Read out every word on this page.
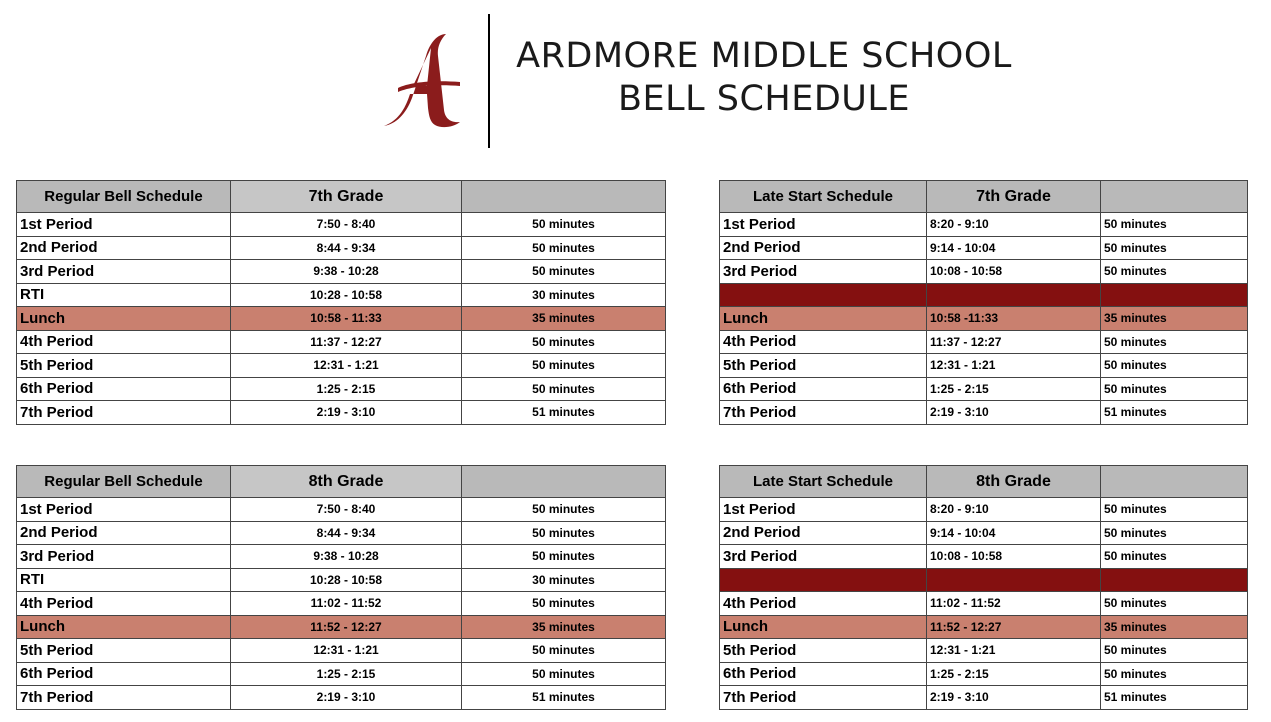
ARDMORE MIDDLE SCHOOL
BELL SCHEDULE
Regular Bell Schedule	7th Grade	
1st Period	7:50 - 8:40	50 minutes
2nd Period	8:44 - 9:34	50 minutes
3rd Period	9:38 - 10:28	50 minutes
RTI	10:28 - 10:58	30 minutes
Lunch	10:58 - 11:33	35 minutes
4th Period	11:37 - 12:27	50 minutes
5th Period	12:31 - 1:21	50 minutes
6th Period	1:25 - 2:15	50 minutes
7th Period	2:19 - 3:10	51 minutes
Late Start Schedule	7th Grade	
1st Period	8:20 - 9:10	50 minutes
2nd Period	9:14 - 10:04	50 minutes
3rd Period	10:08 - 10:58	50 minutes

Lunch	10:58 -11:33	35 minutes
4th Period	11:37 - 12:27	50 minutes
5th Period	12:31 - 1:21	50 minutes
6th Period	1:25 - 2:15	50 minutes
7th Period	2:19 - 3:10	51 minutes
Regular Bell Schedule	8th Grade	
1st Period	7:50 - 8:40	50 minutes
2nd Period	8:44 - 9:34	50 minutes
3rd Period	9:38 - 10:28	50 minutes
RTI	10:28 - 10:58	30 minutes
4th Period	11:02 - 11:52	50 minutes
Lunch	11:52 - 12:27	35 minutes
5th Period	12:31 - 1:21	50 minutes
6th Period	1:25 - 2:15	50 minutes
7th Period	2:19 - 3:10	51 minutes
Late Start Schedule	8th Grade	
1st Period	8:20 - 9:10	50 minutes
2nd Period	9:14 - 10:04	50 minutes
3rd Period	10:08 - 10:58	50 minutes

4th Period	11:02 - 11:52	50 minutes
Lunch	11:52 - 12:27	35 minutes
5th Period	12:31 - 1:21	50 minutes
6th Period	1:25 - 2:15	50 minutes
7th Period	2:19 - 3:10	51 minutes
